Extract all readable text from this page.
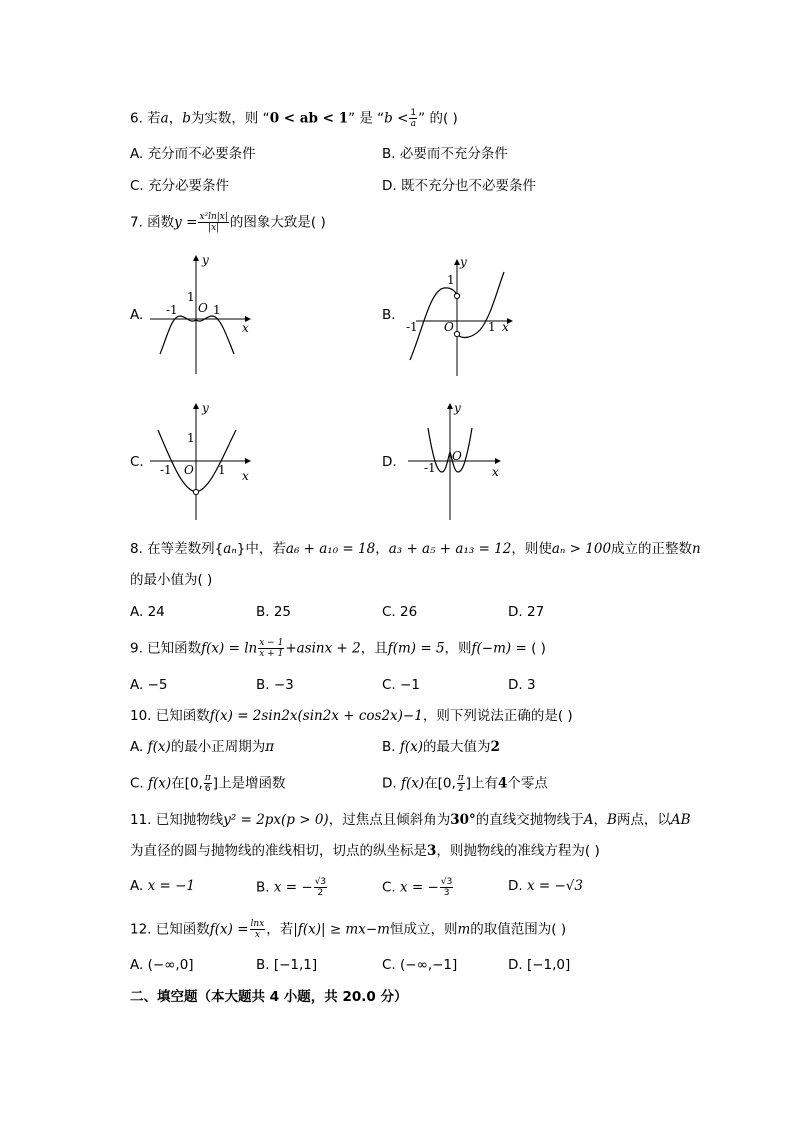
6. 若a，b为实数，则 “0 < ab < 1” 是 “$b < \frac{1}{a}$ ” 的( )
A. 充分而不必要条件	B. 必要而不充分条件
C. 充分必要条件	D. 既不充分也不必要条件
7. 函数$y = \frac{\text{x²ln|x|}}{|x|}$ 的图象大致是( )
A.	B.
C.	D.
y
x
O
1
-1	1
y
x
O
1
-1	1
y
x
O
1
-1	1
y
x
O
-1
8. 在等差数列{aₙ}中，若a₆ + a₁₀ = 18，a₃ + a₅ + a₁₃ = 12，则使aₙ > 100成立的正整数n
的最小值为( )
A. 24	B. 25	C. 26	D. 27
9. 已知函数$f(x) = \ln \frac{x - 1}{x + 1} +asinx + 2$，且f(m) = 5，则f(−m) = ( )
A. −5	B. −3	C. −1	D. 3
10. 已知函数f(x) = 2sin2x(sin2x + cos2x)−1，则下列说法正确的是( )
A. f(x)的最小正周期为π	B. f(x)的最大值为2
C. f(x)在[0, $\frac{\pi}{6}$ ]上是增函数	D. f(x)在[0, $\frac{\pi}{2}$ ]上有4个零点
11. 已知抛物线y² = 2px(p > 0)，过焦点且倾斜角为30°的直线交抛物线于A，B两点，以AB
为直径的圆与抛物线的准线相切，切点的纵坐标是3，则抛物线的准线方程为( )
A. x = −1	B. x = − $\frac{√3}{2}$	C. x = − $\frac{√3}{3}$	D. x = −√3
12. 已知函数$f(x) = \frac{\ln x}{x}$ ，若|f(x)| ≥ mx−m恒成立，则m的取值范围为( )
A. (−∞,0]	B. [−1,1]	C. (−∞,−1]	D. [−1,0]
二、填空题（本大题共 4 小题，共 20.0 分）
